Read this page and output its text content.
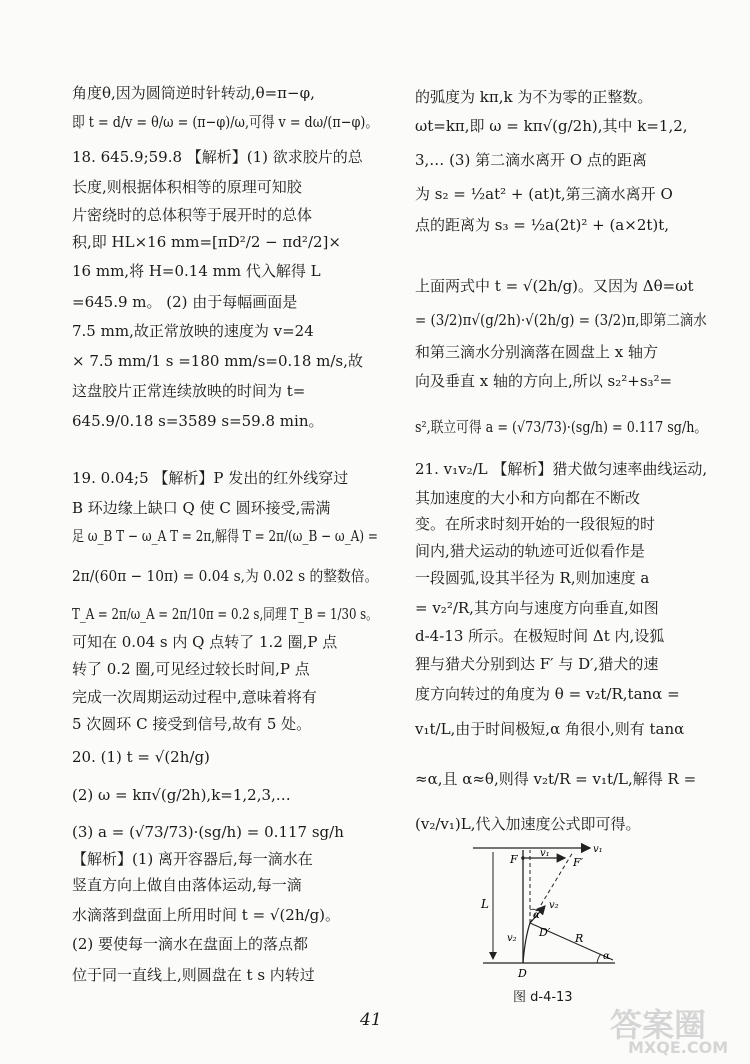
角度θ,因为圆筒逆时针转动,θ=π−φ,
即 t = d/v = θ/ω = (π−φ)/ω,可得 v = dω/(π−φ)。
18. 645.9;59.8 【解析】(1) 欲求胶片的总
长度,则根据体积相等的原理可知胶
片密绕时的总体积等于展开时的总体
积,即 HL×16 mm=[πD²/2 − πd²/2]×
16 mm,将 H=0.14 mm 代入解得 L
=645.9 m。 (2) 由于每幅画面是
7.5 mm,故正常放映的速度为 v=24
× 7.5 mm/1 s =180 mm/s=0.18 m/s,故
这盘胶片正常连续放映的时间为 t=
645.9/0.18 s=3589 s=59.8 min。
19. 0.04;5 【解析】P 发出的红外线穿过
B 环边缘上缺口 Q 使 C 圆环接受,需满
足 ω_B T − ω_A T = 2π,解得 T = 2π/(ω_B − ω_A) =
2π/(60π − 10π) = 0.04 s,为 0.02 s 的整数倍。
T_A = 2π/ω_A = 2π/10π = 0.2 s,同理 T_B = 1/30 s。
可知在 0.04 s 内 Q 点转了 1.2 圈,P 点
转了 0.2 圈,可见经过较长时间,P 点
完成一次周期运动过程中,意味着将有
5 次圆环 C 接受到信号,故有 5 处。
20. (1) t = √(2h/g)
(2) ω = kπ√(g/2h),k=1,2,3,…
(3) a = (√73/73)·(sg/h) = 0.117 sg/h
【解析】(1) 离开容器后,每一滴水在
竖直方向上做自由落体运动,每一滴
水滴落到盘面上所用时间 t = √(2h/g)。
(2) 要使每一滴水在盘面上的落点都
位于同一直线上,则圆盘在 t s 内转过
的弧度为 kπ,k 为不为零的正整数。
ωt=kπ,即 ω = kπ√(g/2h),其中 k=1,2,
3,… (3) 第二滴水离开 O 点的距离
为 s₂ = ½at² + (at)t,第三滴水离开 O
点的距离为 s₃ = ½a(2t)² + (a×2t)t,
上面两式中 t = √(2h/g)。又因为 Δθ=ωt
= (3/2)π√(g/2h)·√(2h/g) = (3/2)π,即第二滴水
和第三滴水分别滴落在圆盘上 x 轴方
向及垂直 x 轴的方向上,所以 s₂²+s₃²=
s²,联立可得 a = (√73/73)·(sg/h) = 0.117 sg/h。
21. v₁v₂/L 【解析】猎犬做匀速率曲线运动,
其加速度的大小和方向都在不断改
变。在所求时刻开始的一段很短的时
间内,猎犬运动的轨迹可近似看作是
一段圆弧,设其半径为 R,则加速度 a
= v₂²/R,其方向与速度方向垂直,如图
d-4-13 所示。在极短时间 Δt 内,设狐
狸与猎犬分别到达 F′ 与 D′,猎犬的速
度方向转过的角度为 θ = v₂t/R,tanα =
v₁t/L,由于时间极短,α 角很小,则有 tanα
≈α,且 α≈θ,则得 v₂t/R = v₁t/L,解得 R =
(v₂/v₁)L,代入加速度公式即可得。
F v₁	v₁
F′
L
α
v₂
v₂ D′ R
D
α
图 d-4-13
41	答案圈
MXQE.COM
